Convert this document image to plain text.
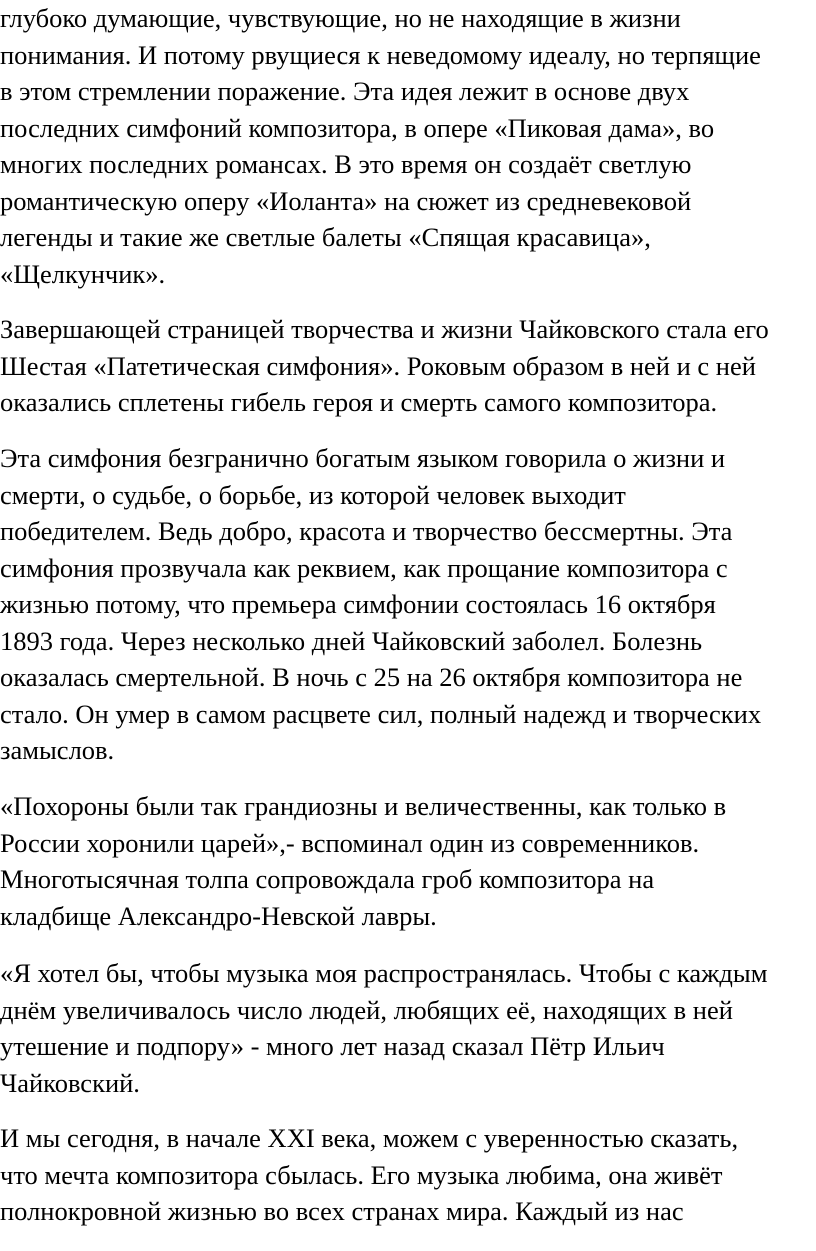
глубоко думающие, чувствующие, но не находящие в жизни
понимания. И потому рвущиеся к неведомому идеалу, но терпящие
в этом стремлении поражение. Эта идея лежит в основе двух
последних симфоний композитора, в опере «Пиковая дама», во
многих последних романсах. В это время он создаёт светлую
романтическую оперу «Иоланта» на сюжет из средневековой
легенды и такие же светлые балеты «Спящая красавица»,
«Щелкунчик».
Завершающей страницей творчества и жизни Чайковского стала его
Шестая «Патетическая симфония». Роковым образом в ней и с ней
оказались сплетены гибель героя и смерть самого композитора.
Эта симфония безгранично богатым языком говорила о жизни и
смерти, о судьбе, о борьбе, из которой человек выходит
победителем. Ведь добро, красота и творчество бессмертны. Эта
симфония прозвучала как реквием, как прощание композитора с
жизнью потому, что премьера симфонии состоялась 16 октября
1893 года. Через несколько дней Чайковский заболел. Болезнь
оказалась смертельной. В ночь с 25 на 26 октября композитора не
стало. Он умер в самом расцвете сил, полный надежд и творческих
замыслов.
«Похороны были так грандиозны и величественны, как только в
России хоронили царей»,- вспоминал один из современников.
Многотысячная толпа сопровождала гроб композитора на
кладбище Александро-Невской лавры.
«Я хотел бы, чтобы музыка моя распространялась. Чтобы с каждым
днём увеличивалось число людей, любящих её, находящих в ней
утешение и подпору» - много лет назад сказал Пётр Ильич
Чайковский.
И мы сегодня, в начале XXI века, можем с уверенностью сказать,
что мечта композитора сбылась. Его музыка любима, она живёт
полнокровной жизнью во всех странах мира. Каждый из нас
